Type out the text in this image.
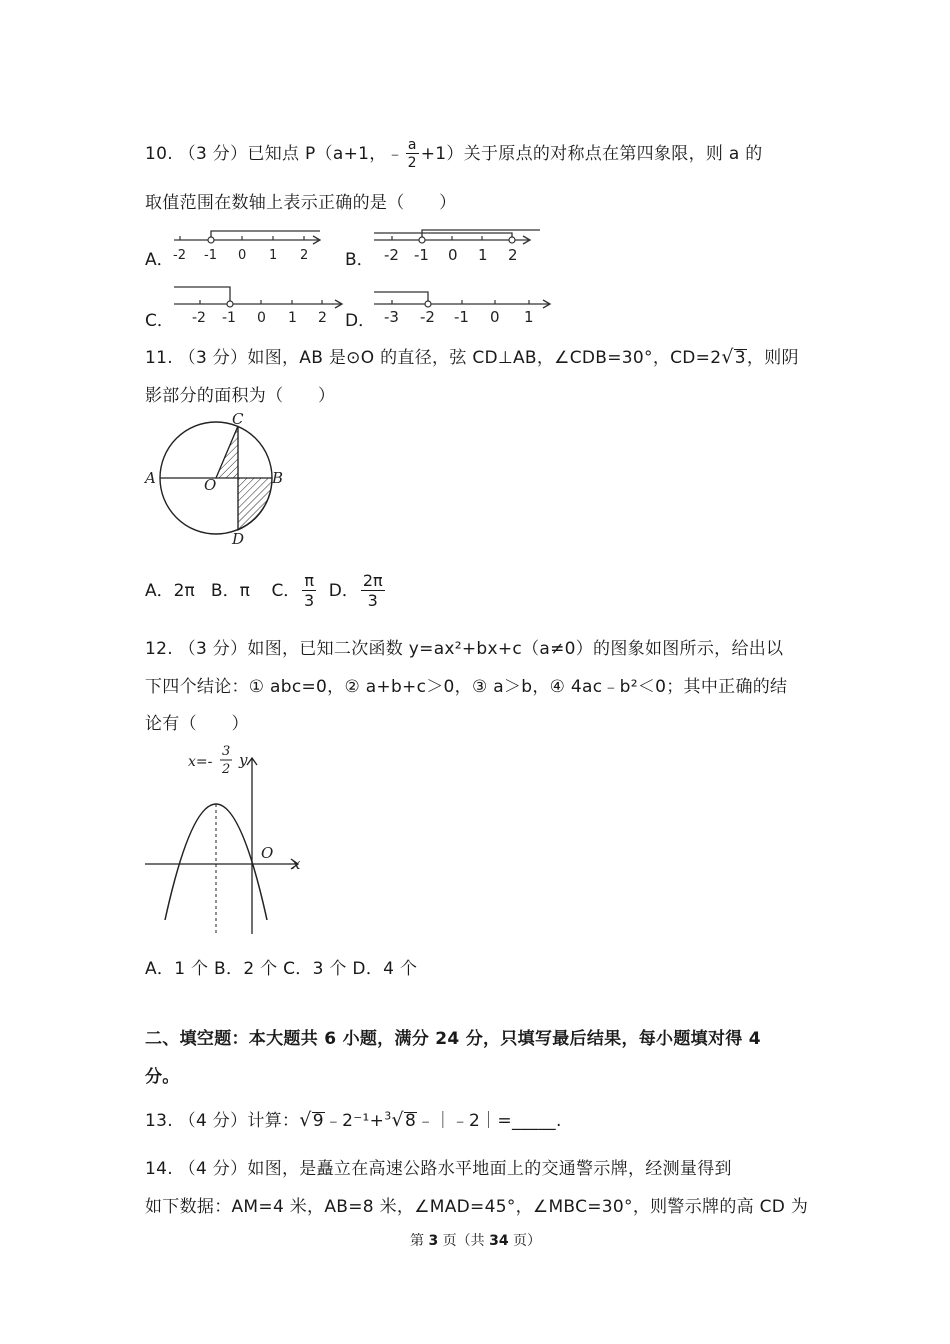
10. （3 分）已知点 P（a+1，﹣ $\frac{a}{2} +1$）关于原点的对称点在第四象限，则 a 的
取值范围在数轴上表示正确的是（　　）
A． -2 -1 0 1 2 B． -2 -1 0 1 2
C． -2 -1 0 1 2 D． -3 -2 -1 0 1
11. （3 分）如图，AB 是⊙O 的直径，弦 CD⊥AB，∠CDB=30°，CD=2√3，则阴
影部分的面积为（　　）
C
A	O	B
D
A．2π B．π C． $\frac{\pi}{3}$ D． $\frac{2\pi}{3}$
12. （3 分）如图，已知二次函数 y=ax²+bx+c（a≠0）的图象如图所示，给出以
下四个结论：① abc=0，② a+b+c＞0，③ a＞b，④ 4ac﹣b²＜0；其中正确的结
论有（　　）
x=-
3
2
y
O
x
A．1 个 B．2 个 C．3 个 D．4 个
二、填空题：本大题共 6 小题，满分 24 分，只填写最后结果，每小题填对得 4
分。
13. （4 分）计算：√9﹣2⁻¹+$^3$√8﹣｜﹣2｜=_____.
14. （4 分）如图，是矗立在高速公路水平地面上的交通警示牌，经测量得到
如下数据：AM=4 米，AB=8 米，∠MAD=45°，∠MBC=30°，则警示牌的高 CD 为
第 3 页（共 34 页）
